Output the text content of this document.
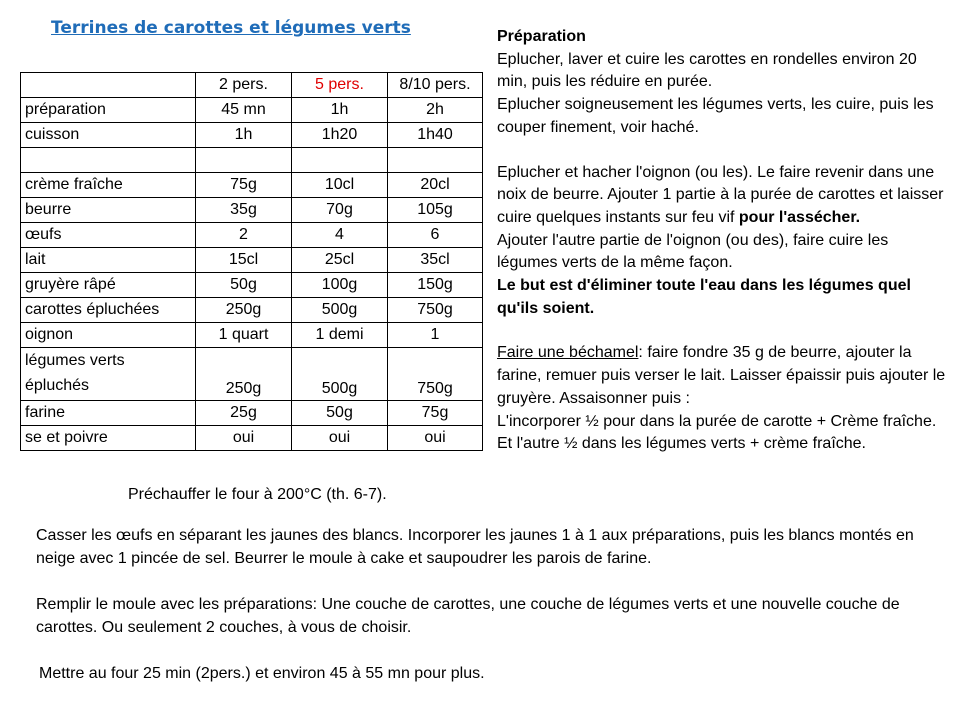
Terrines de carottes et légumes verts
	2 pers.	5 pers.	8/10 pers.
préparation	45 mn	1h	2h
cuisson	1h	1h20	1h40

crème fraîche	75g	10cl	20cl
beurre	35g	70g	105g
œufs	2	4	6
lait	15cl	25cl	35cl
gruyère râpé	50g	100g	150g
carottes épluchées	250g	500g	750g
oignon	1 quart	1 demi	1
légumes verts épluchés	250g	500g	750g
farine	25g	50g	75g
se et poivre	oui	oui	oui

Préparation

Eplucher, laver et cuire les carottes en rondelles environ 20 min, puis les réduire en purée.

Eplucher soigneusement les légumes verts, les cuire, puis les couper finement, voir haché.

Eplucher et hacher l'oignon (ou les). Le faire revenir dans une noix de beurre. Ajouter 1 partie à la purée de carottes et laisser cuire quelques instants sur feu vif pour l'assécher.

Ajouter l'autre partie de l'oignon (ou des), faire cuire les légumes verts de la même façon.

Le but est d'éliminer toute l'eau dans les légumes quel qu'ils soient.

Faire une béchamel: faire fondre 35 g de beurre, ajouter la farine, remuer puis verser le lait. Laisser épaissir puis ajouter le gruyère. Assaisonner puis :

L'incorporer ½ pour dans la purée de carotte + Crème fraîche.

Et l'autre ½ dans les légumes verts + crème fraîche.

Préchauffer le four à 200°C (th. 6-7).

Casser les œufs en séparant les jaunes des blancs. Incorporer les jaunes 1 à 1 aux préparations, puis les blancs montés en neige avec 1 pincée de sel. Beurrer le moule à cake et saupoudrer les parois de farine.

Remplir le moule avec les préparations: Une couche de carottes, une couche de légumes verts et une nouvelle couche de carottes. Ou seulement 2 couches, à vous de choisir.

Mettre au four 25 min (2pers.) et environ 45 à 55 mn pour plus.
